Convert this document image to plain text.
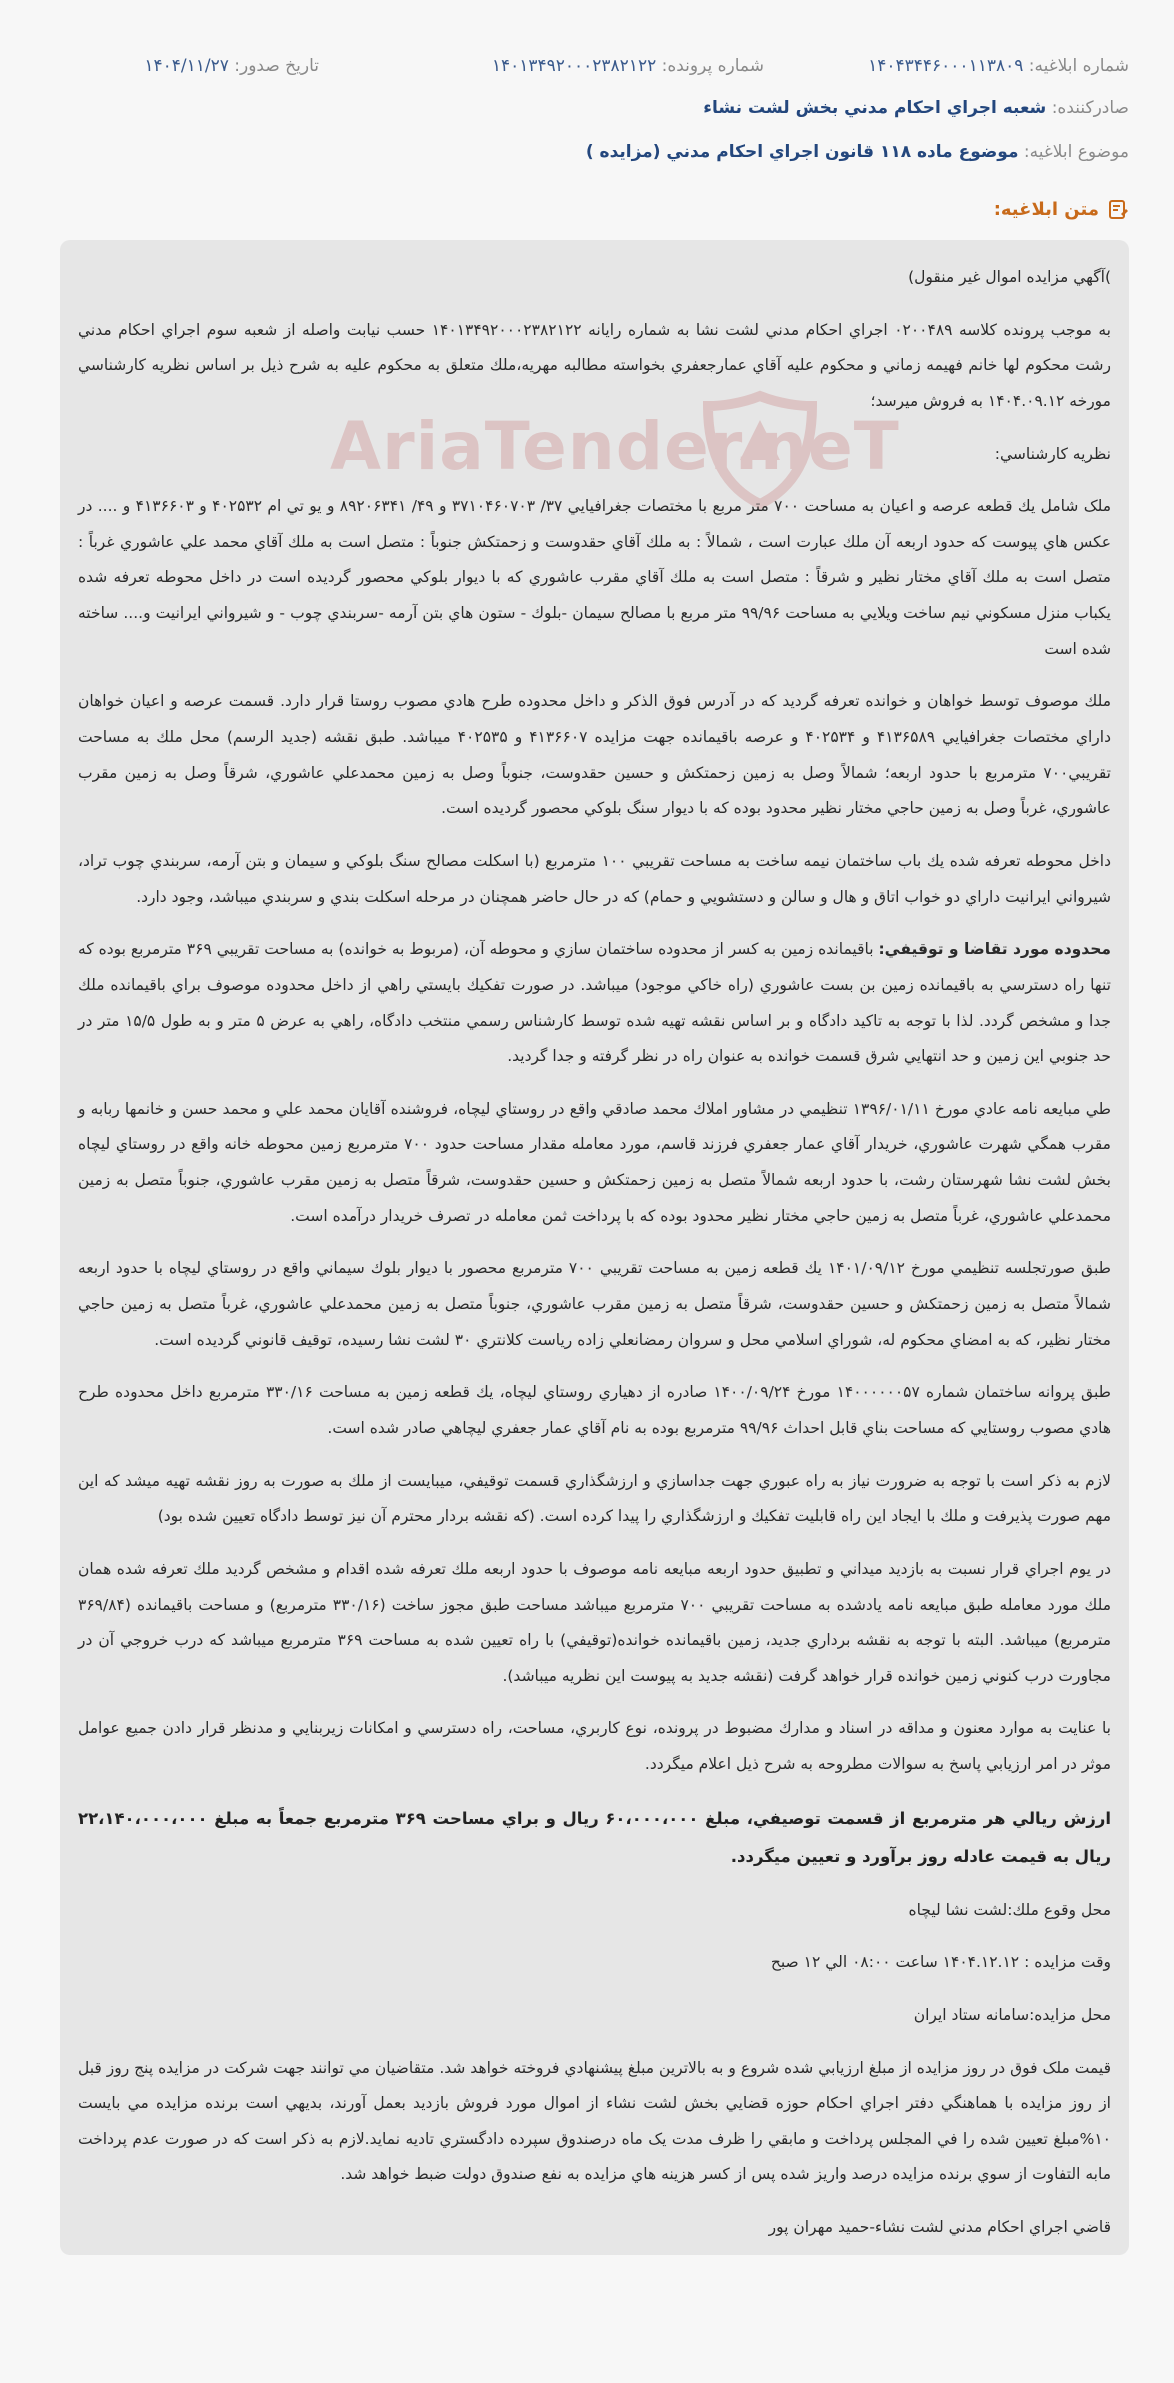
شماره ابلاغیه: ۱۴۰۴۳۴۴۶۰۰۰۱۱۳۸۰۹
شماره پرونده: ۱۴۰۱۳۴۹۲۰۰۰۲۳۸۲۱۲۲
تاریخ صدور: ۱۴۰۴/۱۱/۲۷
صادرکننده: شعبه اجراي احكام مدني بخش لشت نشاء
موضوع ابلاغیه: موضوع ماده ۱۱۸ قانون اجراي احكام مدني (مزايده )
متن ابلاغیه:
AriaTender.neT

)آگهي مزايده اموال غير منقول)

به موجب پرونده كلاسه ۰۲۰۰۴۸۹ اجراي احكام مدني لشت نشا به شماره رايانه ۱۴۰۱۳۴۹۲۰۰۰۲۳۸۲۱۲۲ حسب نيابت واصله از شعبه سوم اجراي احكام مدني رشت محكوم لها خانم فهيمه زماني و محكوم عليه آقاي عمارجعفري بخواسته مطالبه مهريه،ملك متعلق به محكوم عليه به شرح ذيل بر اساس نظريه كارشناسي مورخه ۱۴۰۴.۰۹.۱۲ به فروش ميرسد؛

نظريه كارشناسي:

ملک شامل يك قطعه عرصه و اعيان به مساحت ۷۰۰ متر مربع با مختصات جغرافيايي ۳۷/ ۳۷۱۰۴۶۰۷۰۳ و ۴۹/ ۸۹۲۰۶۳۴۱ و يو تي ام ۴۰۲۵۳۲ و ۴۱۳۶۶۰۳ و .... در عكس هاي پيوست كه حدود اربعه آن ملك عبارت است ، شمالاً : به ملك آقاي حقدوست و زحمتكش جنوباً : متصل است به ملك آقاي محمد علي عاشوري غرباً : متصل است به ملك آقاي مختار نظير و شرقاً : متصل است به ملك آقاي مقرب عاشوري كه با ديوار بلوكي محصور گرديده است در داخل محوطه تعرفه شده يكباب منزل مسكوني نيم ساخت ويلايي به مساحت ۹۹/۹۶ متر مربع با مصالح سيمان -بلوك - ستون هاي بتن آرمه -سربندي چوب - و شيرواني ايرانيت و.... ساخته شده است

ملك موصوف توسط خواهان و خوانده تعرفه گرديد كه در آدرس فوق الذكر و داخل محدوده طرح هادي مصوب روستا قرار دارد. قسمت عرصه و اعيان خواهان داراي مختصات جغرافيايي ۴۱۳۶۵۸۹ و ۴۰۲۵۳۴ و عرصه باقيمانده جهت مزايده ۴۱۳۶۶۰۷ و ۴۰۲۵۳۵ ميباشد. طبق نقشه (جديد الرسم) محل ملك به مساحت تقريبي۷۰۰ مترمربع با حدود اربعه؛ شمالاً وصل به زمين زحمتكش و حسين حقدوست، جنوباً وصل به زمين محمدعلي عاشوري، شرقاً وصل به زمين مقرب عاشوري، غرباً وصل به زمين حاجي مختار نظير محدود بوده كه با ديوار سنگ بلوكي محصور گرديده است.

داخل محوطه تعرفه شده يك باب ساختمان نيمه ساخت به مساحت تقريبي ۱۰۰ مترمربع (با اسكلت مصالح سنگ بلوكي و سيمان و بتن آرمه، سربندي چوب تراد، شيرواني ايرانيت داراي دو خواب اتاق و هال و سالن و دستشويي و حمام) كه در حال حاضر همچنان در مرحله اسكلت بندي و سربندي ميباشد، وجود دارد.

محدوده مورد تقاضا و توقيفي: باقيمانده زمين به كسر از محدوده ساختمان سازي و محوطه آن، (مربوط به خوانده) به مساحت تقريبي ۳۶۹ مترمربع بوده كه تنها راه دسترسي به باقيمانده زمين بن بست عاشوري (راه خاكي موجود) ميباشد. در صورت تفكيك بايستي راهي از داخل محدوده موصوف براي باقيمانده ملك جدا و مشخص گردد. لذا با توجه به تاكيد دادگاه و بر اساس نقشه تهيه شده توسط كارشناس رسمي منتخب دادگاه، راهي به عرض ۵ متر و به طول ۱۵/۵ متر در حد جنوبي اين زمين و حد انتهايي شرق قسمت خوانده به عنوان راه در نظر گرفته و جدا گرديد.

طي مبايعه نامه عادي مورخ ۱۳۹۶/۰۱/۱۱ تنظيمي در مشاور املاك محمد صادقي واقع در روستاي ليچاه، فروشنده آقايان محمد علي و محمد حسن و خانمها ربابه و مقرب همگي شهرت عاشوري، خريدار آقاي عمار جعفري فرزند قاسم، مورد معامله مقدار مساحت حدود ۷۰۰ مترمربع زمين محوطه خانه واقع در روستاي ليچاه بخش لشت نشا شهرستان رشت، با حدود اربعه شمالاً متصل به زمين زحمتكش و حسين حقدوست، شرقاً متصل به زمين مقرب عاشوري، جنوباً متصل به زمين محمدعلي عاشوري، غرباً متصل به زمين حاجي مختار نظير محدود بوده كه با پرداخت ثمن معامله در تصرف خريدار درآمده است.

طبق صورتجلسه تنظيمي مورخ ۱۴۰۱/۰۹/۱۲ يك قطعه زمين به مساحت تقريبي ۷۰۰ مترمربع محصور با ديوار بلوك سيماني واقع در روستاي ليچاه با حدود اربعه شمالاً متصل به زمين زحمتكش و حسين حقدوست، شرقاً متصل به زمين مقرب عاشوري، جنوباً متصل به زمين محمدعلي عاشوري، غرباً متصل به زمين حاجي مختار نظير، كه به امضاي محكوم له، شوراي اسلامي محل و سروان رمضانعلي زاده رياست كلانتري ۳۰ لشت نشا رسيده، توقيف قانوني گرديده است.

طبق پروانه ساختمان شماره ۱۴۰۰۰۰۰۰۵۷ مورخ ۱۴۰۰/۰۹/۲۴ صادره از دهياري روستاي ليچاه، يك قطعه زمين به مساحت ۳۳۰/۱۶ مترمربع داخل محدوده طرح هادي مصوب روستايي كه مساحت بناي قابل احداث ۹۹/۹۶ مترمربع بوده به نام آقاي عمار جعفري ليچاهي صادر شده است.

لازم به ذكر است با توجه به ضرورت نياز به راه عبوري جهت جداسازي و ارزشگذاري قسمت توقيفي، ميبايست از ملك به صورت به روز نقشه تهيه ميشد كه اين مهم صورت پذيرفت و ملك با ايجاد اين راه قابليت تفكيك و ارزشگذاري را پيدا كرده است. (كه نقشه بردار محترم آن نيز توسط دادگاه تعيين شده بود)

در يوم اجراي قرار نسبت به بازديد ميداني و تطبيق حدود اربعه مبايعه نامه موصوف با حدود اربعه ملك تعرفه شده اقدام و مشخص گرديد ملك تعرفه شده همان ملك مورد معامله طبق مبايعه نامه يادشده به مساحت تقريبي ۷۰۰ مترمربع ميباشد مساحت طبق مجوز ساخت (۳۳۰/۱۶ مترمربع) و مساحت باقيمانده (۳۶۹/۸۴ مترمربع) ميباشد. البته با توجه به نقشه برداري جديد، زمين باقيمانده خوانده(توقيفي) با راه تعيين شده به مساحت ۳۶۹ مترمربع ميباشد كه درب خروجي آن در مجاورت درب كنوني زمين خوانده قرار خواهد گرفت (نقشه جديد به پيوست اين نظريه ميباشد).

با عنايت به موارد معنون و مداقه در اسناد و مدارك مضبوط در پرونده، نوع كاربري، مساحت، راه دسترسي و امكانات زيربنايي و مدنظر قرار دادن جميع عوامل موثر در امر ارزيابي پاسخ به سوالات مطروحه به شرح ذيل اعلام ميگردد.

ارزش ريالي هر مترمربع از قسمت توصيفي، مبلغ ۶۰،۰۰۰،۰۰۰ ريال و براي مساحت ۳۶۹ مترمربع جمعاً به مبلغ ۲۲،۱۴۰،۰۰۰،۰۰۰ ريال به قيمت عادله روز برآورد و تعيين ميگردد.

محل وقوع ملك:لشت نشا ليچاه

وقت مزايده : ۱۴۰۴.۱۲.۱۲ ساعت ۰۸:۰۰ الي ۱۲ صبح

محل مزايده:سامانه ستاد ايران

قيمت ملک فوق در روز مزايده از مبلغ ارزيابي شده شروع و به بالاترين مبلغ پيشنهادي فروخته خواهد شد. متقاضيان مي توانند جهت شركت در مزايده پنج روز قبل از روز مزايده با هماهنگي دفتر اجراي احكام حوزه قضايي بخش لشت نشاء از اموال مورد فروش بازديد بعمل آورند، بديهي است برنده مزايده مي بايست ۱۰%مبلغ تعيين شده را في المجلس پرداخت و مابقي را ظرف مدت يک ماه درصندوق سپرده دادگستري تاديه نمايد.لازم به ذکر است که در صورت عدم پرداخت مابه التفاوت از سوي برنده مزايده درصد واريز شده پس از کسر هزينه هاي مزايده به نفع صندوق دولت ضبط خواهد شد.

قاضي اجراي احكام مدني لشت نشاء-حميد مهران پور
